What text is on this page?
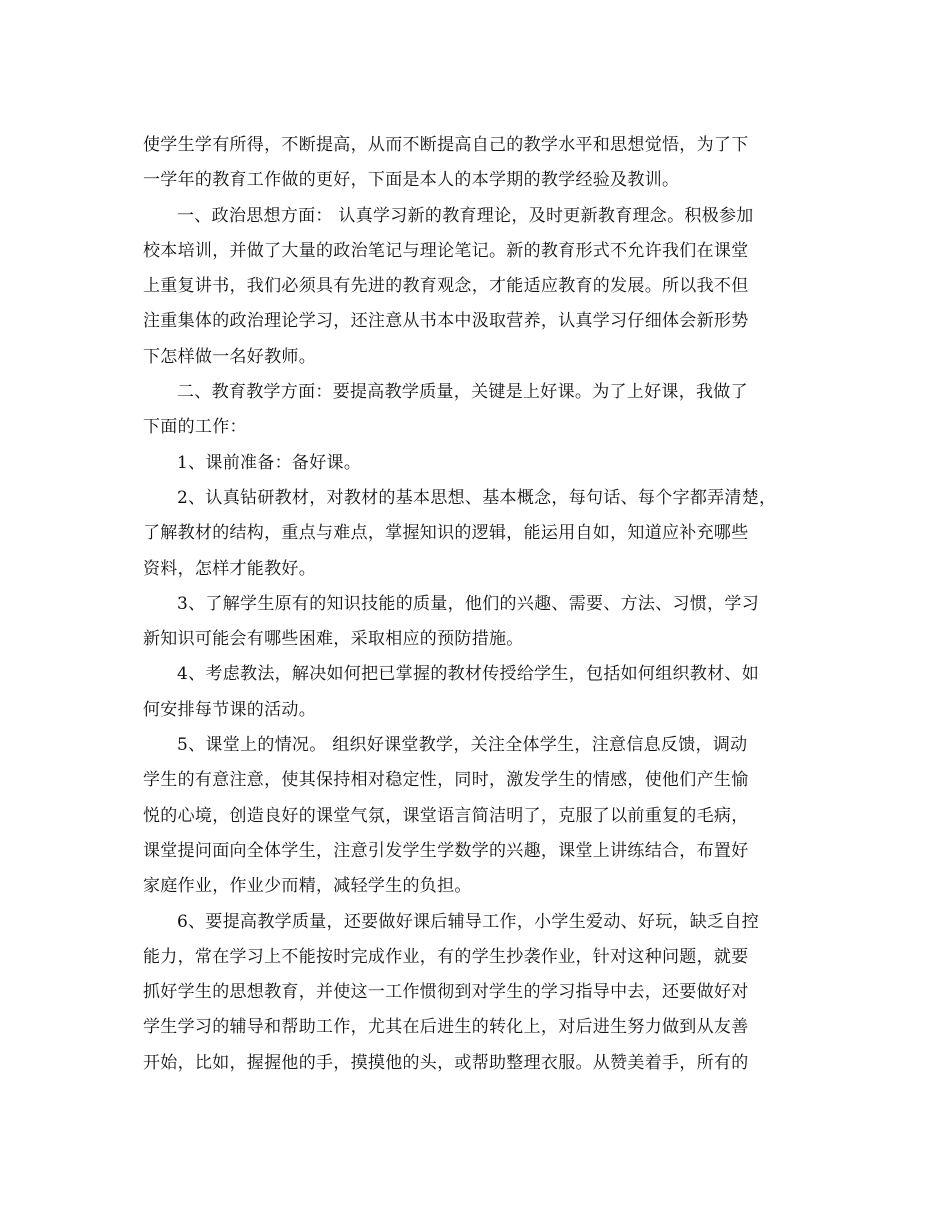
使学生学有所得，不断提高，从而不断提高自己的教学水平和思想觉悟，为了下
一学年的教育工作做的更好，下面是本人的本学期的教学经验及教训。
一、政治思想方面： 认真学习新的教育理论，及时更新教育理念。积极参加
校本培训，并做了大量的政治笔记与理论笔记。新的教育形式不允许我们在课堂
上重复讲书，我们必须具有先进的教育观念，才能适应教育的发展。所以我不但
注重集体的政治理论学习，还注意从书本中汲取营养，认真学习仔细体会新形势
下怎样做一名好教师。
二、教育教学方面：要提高教学质量，关键是上好课。为了上好课，我做了
下面的工作：
1、课前准备：备好课。
2、认真钻研教材，对教材的基本思想、基本概念，每句话、每个字都弄清楚，
了解教材的结构，重点与难点，掌握知识的逻辑，能运用自如，知道应补充哪些
资料，怎样才能教好。
3、了解学生原有的知识技能的质量，他们的兴趣、需要、方法、习惯，学习
新知识可能会有哪些困难，采取相应的预防措施。
4、考虑教法，解决如何把已掌握的教材传授给学生，包括如何组织教材、如
何安排每节课的活动。
5、课堂上的情况。 组织好课堂教学，关注全体学生，注意信息反馈，调动
学生的有意注意，使其保持相对稳定性，同时，激发学生的情感，使他们产生愉
悦的心境，创造良好的课堂气氛，课堂语言简洁明了，克服了以前重复的毛病，
课堂提问面向全体学生，注意引发学生学数学的兴趣，课堂上讲练结合，布置好
家庭作业，作业少而精，减轻学生的负担。
6、要提高教学质量，还要做好课后辅导工作，小学生爱动、好玩，缺乏自控
能力，常在学习上不能按时完成作业，有的学生抄袭作业，针对这种问题，就要
抓好学生的思想教育，并使这一工作惯彻到对学生的学习指导中去，还要做好对
学生学习的辅导和帮助工作，尤其在后进生的转化上，对后进生努力做到从友善
开始，比如，握握他的手，摸摸他的头，或帮助整理衣服。从赞美着手，所有的
